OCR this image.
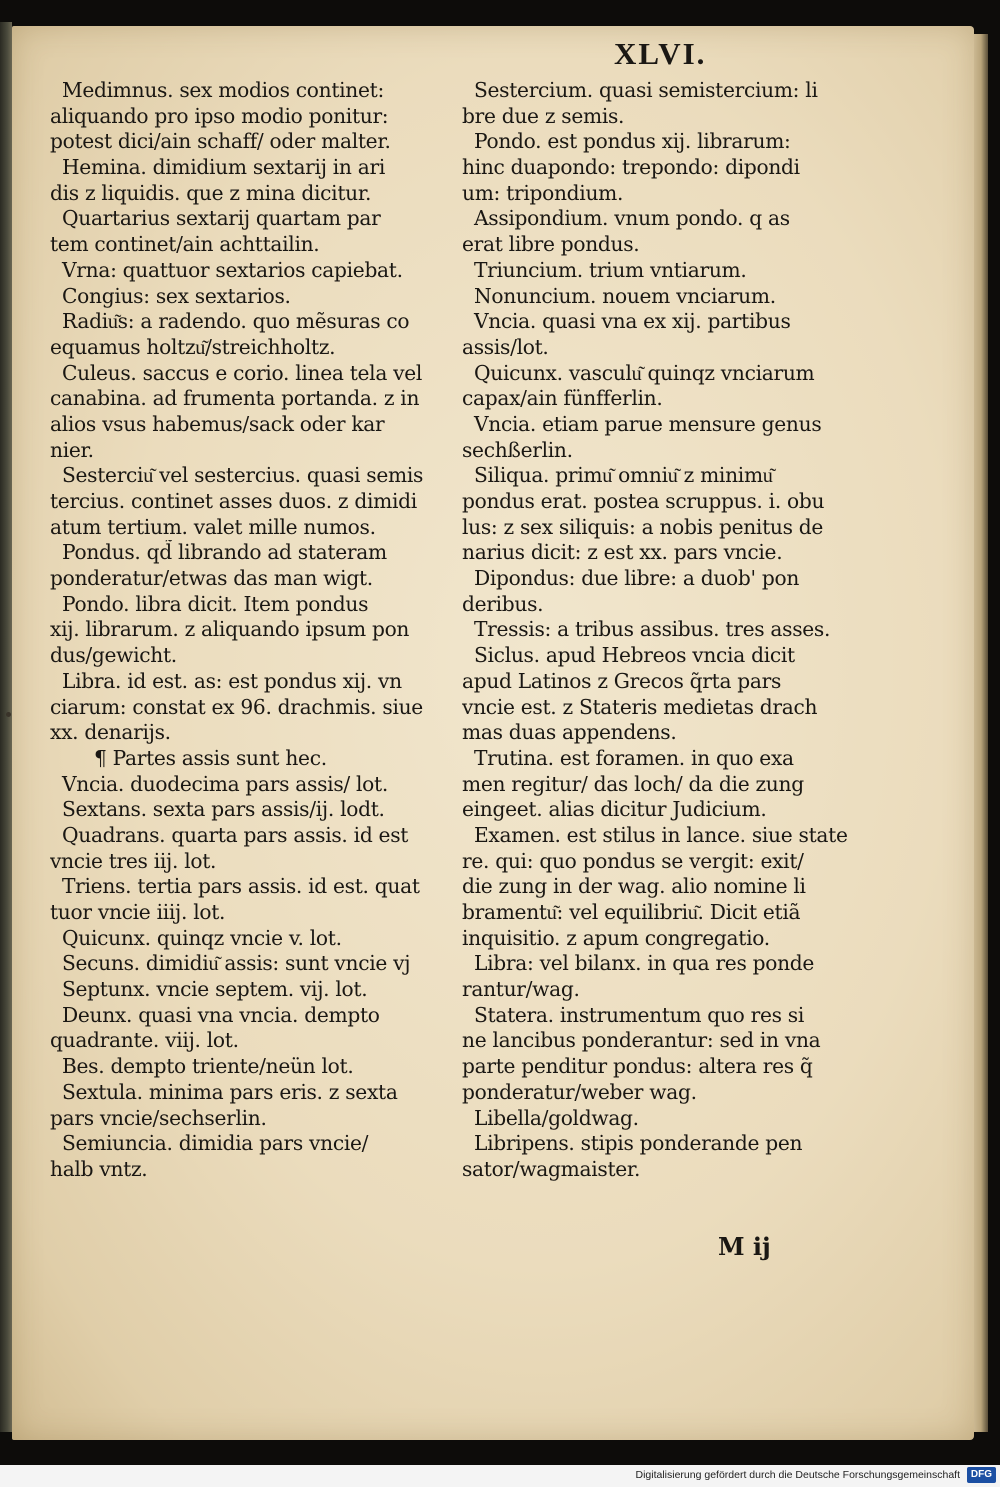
XLVI.
Medimnus. sex modios continet:
aliquando pro ipso modio ponitur:
potest dici/ain schaff/ oder malter.
Hemina. dimidium sextarij in ari
dis z liquidis. que z mina dicitur.
Quartarius sextarij quartam par
tem continet/ain achttailin.
Vrna: quattuor sextarios capiebat.
Congius: sex sextarios.
Radiu͂s: a radendo. quo mẽsuras co
equamus holtzu͂/streichholtz.
Culeus. saccus e corio. linea tela vel
canabina. ad frumenta portanda. z in
alios vsus habemus/sack oder kar
nier.
Sesterciu͂ vel sestercius. quasi semis
tercius. continet asses duos. z dimidi
atum tertium. valet mille numos.
Pondus. qd̃ librando ad stateram
ponderatur/etwas das man wigt.
Pondo. libra dicit. Item pondus
xij. librarum. z aliquando ipsum pon
dus/gewicht.
Libra. id est. as: est pondus xij. vn
ciarum: constat ex 96. drachmis. siue
xx. denarijs.
¶ Partes assis sunt hec.
Vncia. duodecima pars assis/ lot.
Sextans. sexta pars assis/ij. lodt.
Quadrans. quarta pars assis. id est
vncie tres iij. lot.
Triens. tertia pars assis. id est. quat
tuor vncie iiij. lot.
Quicunx. quinqz vncie v. lot.
Secuns. dimidiu͂ assis: sunt vncie vj
Septunx. vncie septem. vij. lot.
Deunx. quasi vna vncia. dempto
quadrante. viij. lot.
Bes. dempto triente/neün lot.
Sextula. minima pars eris. z sexta
pars vncie/sechserlin.
Semiuncia. dimidia pars vncie/
halb vntz.
Sestercium. quasi semistercium: li
bre due z semis.
Pondo. est pondus xij. librarum:
hinc duapondo: trepondo: dipondi
um: tripondium.
Assipondium. vnum pondo. q as
erat libre pondus.
Triuncium. trium vntiarum.
Nonuncium. nouem vnciarum.
Vncia. quasi vna ex xij. partibus
assis/lot.
Quicunx. vasculu͂ quinqz vnciarum
capax/ain fünfferlin.
Vncia. etiam parue mensure genus
sechßerlin.
Siliqua. primu͂ omniu͂ z minimu͂
pondus erat. postea scruppus. i. obu
lus: z sex siliquis: a nobis penitus de
narius dicit: z est xx. pars vncie.
Dipondus: due libre: a duob' pon
deribus.
Tressis: a tribus assibus. tres asses.
Siclus. apud Hebreos vncia dicit
apud Latinos z Grecos q̃rta pars
vncie est. z Stateris medietas drach
mas duas appendens.
Trutina. est foramen. in quo exa
men regitur/ das loch/ da die zung
eingeet. alias dicitur Judicium.
Examen. est stilus in lance. siue state
re. qui: quo pondus se vergit: exit/
die zung in der wag. alio nomine li
bramentu͂: vel equilibriu͂. Dicit etiã
inquisitio. z apum congregatio.
Libra: vel bilanx. in qua res ponde
rantur/wag.
Statera. instrumentum quo res si
ne lancibus ponderantur: sed in vna
parte penditur pondus: altera res q̃
ponderatur/weber wag.
Libella/goldwag.
Libripens. stipis ponderande pen
sator/wagmaister.
M ij
Digitalisierung gefördert durch die Deutsche Forschungsgemeinschaft	DFG
